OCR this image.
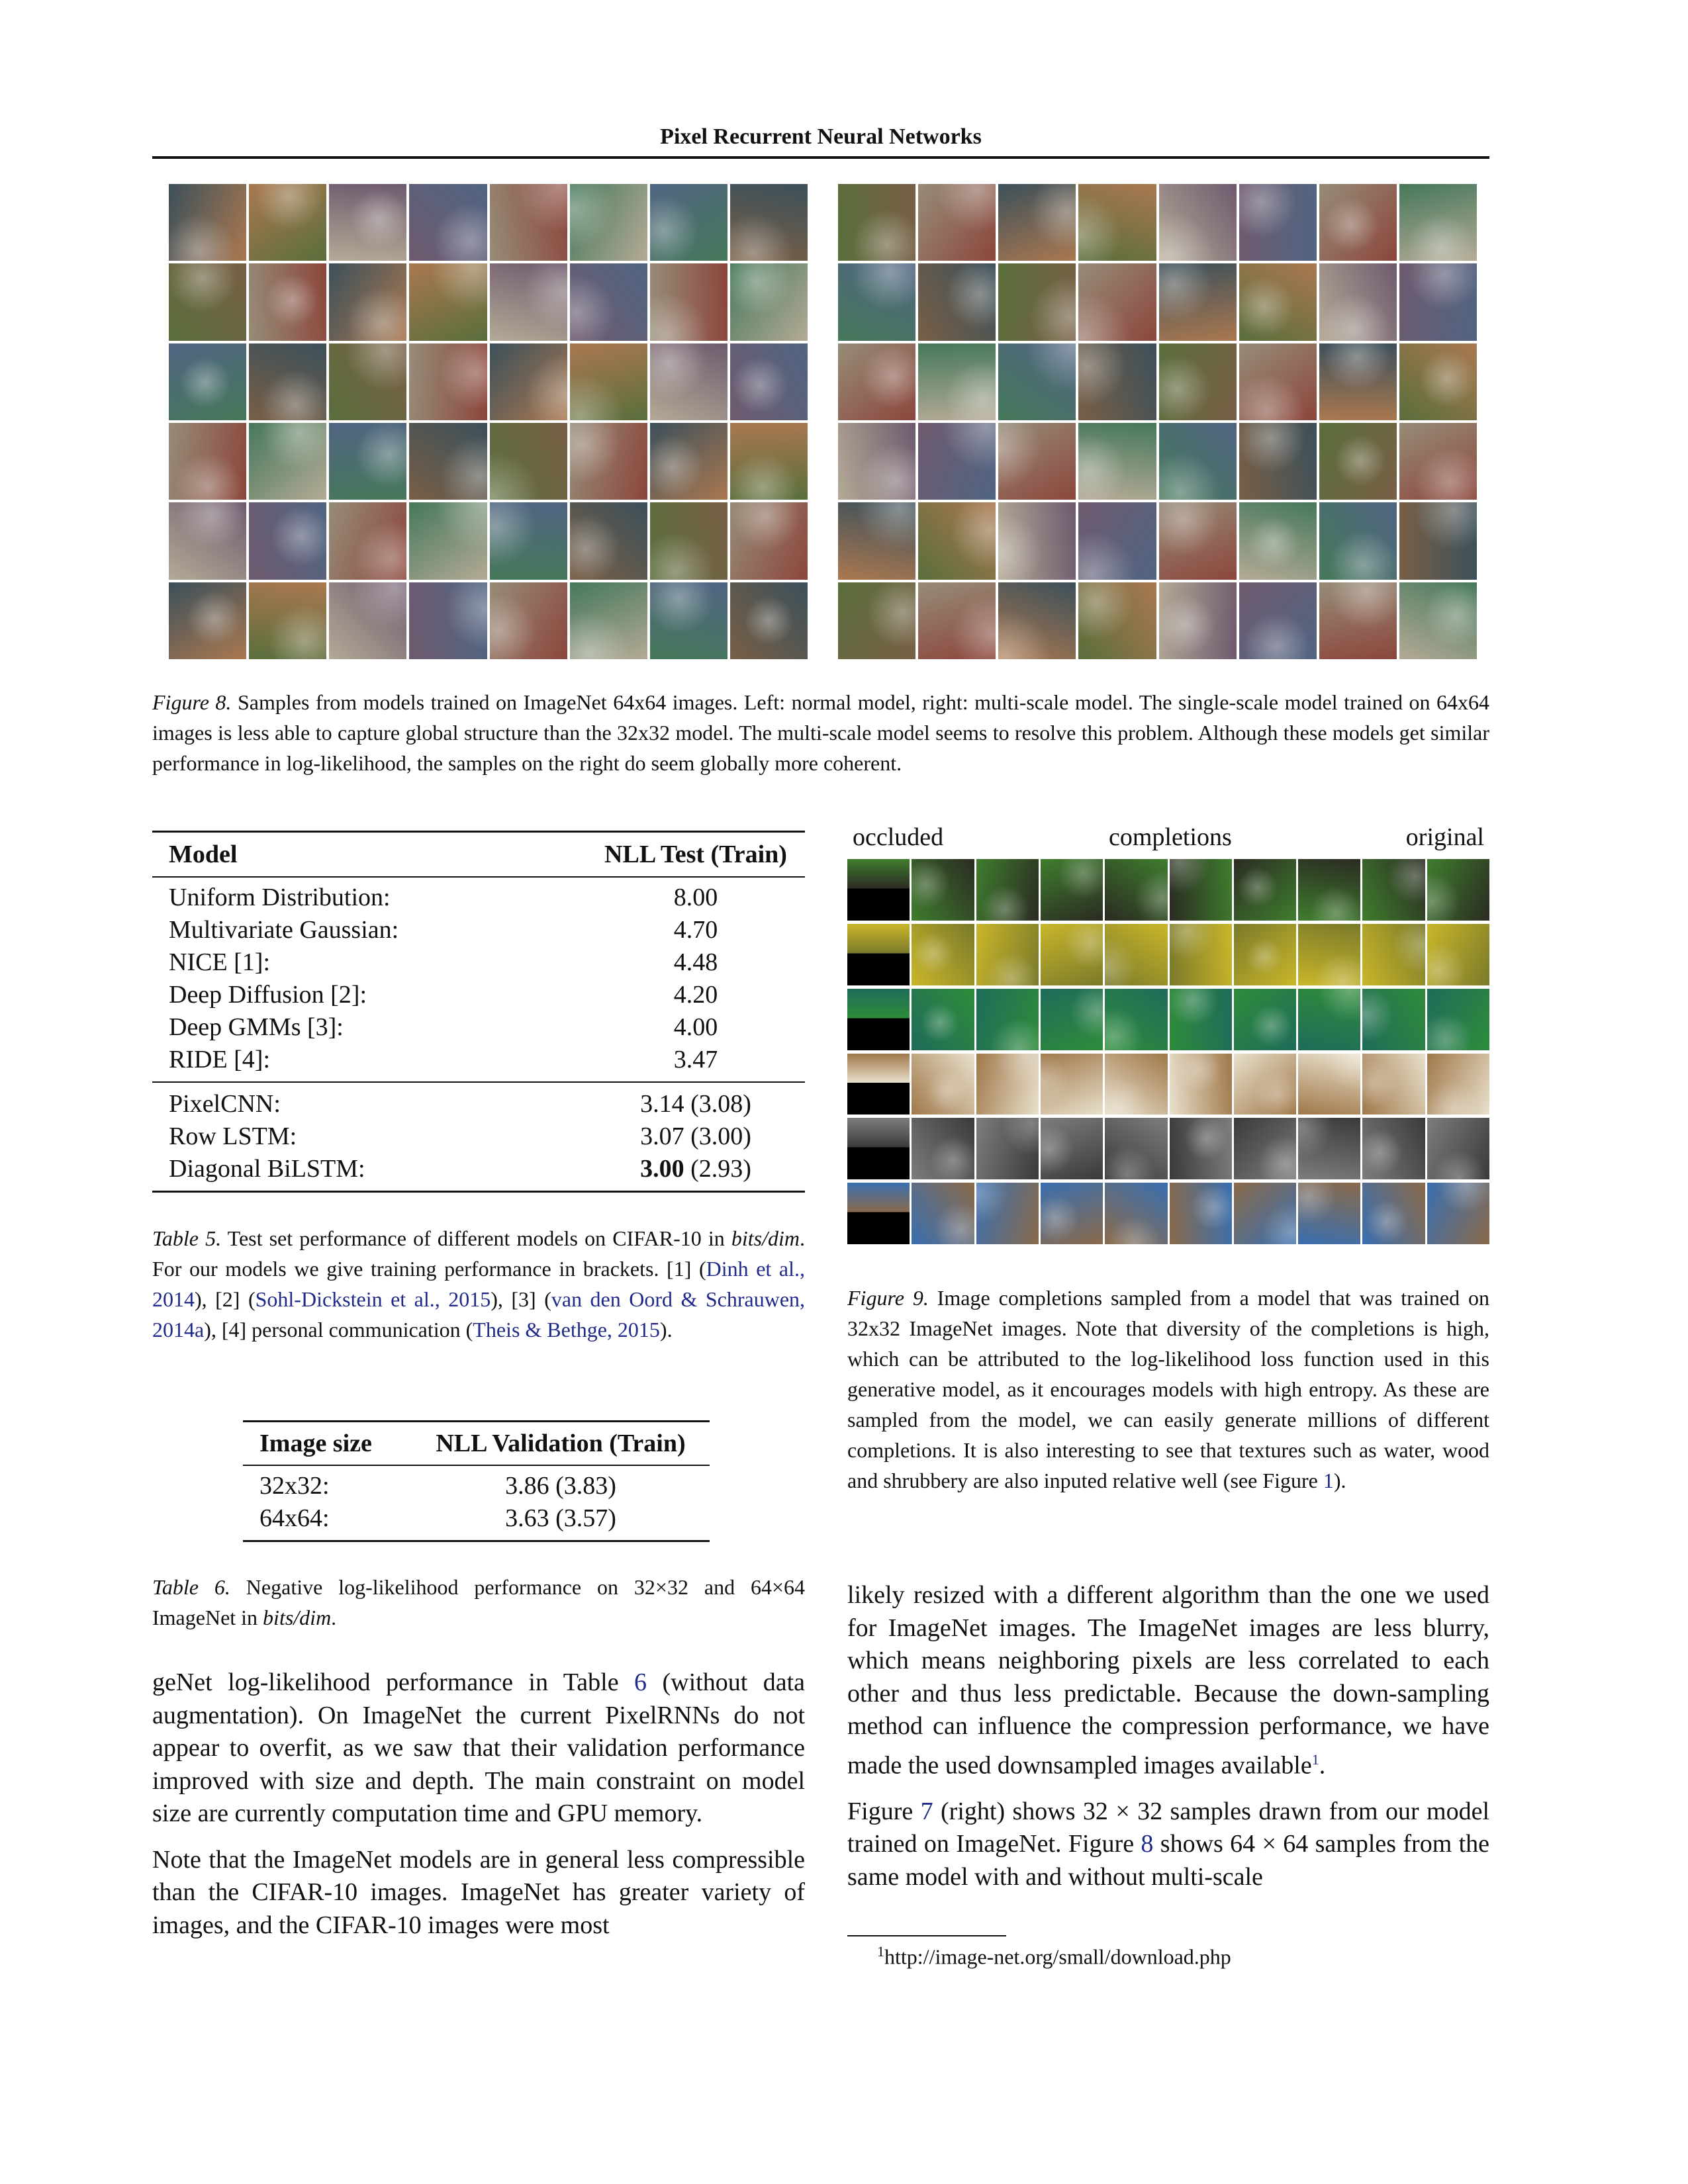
Pixel Recurrent Neural Networks
Figure 8. Samples from models trained on ImageNet 64x64 images. Left: normal model, right: multi-scale model. The single-scale model trained on 64x64 images is less able to capture global structure than the 32x32 model. The multi-scale model seems to resolve this problem. Although these models get similar performance in log-likelihood, the samples on the right do seem globally more coherent.
Model	NLL Test (Train)
Uniform Distribution:	8.00
Multivariate Gaussian:	4.70
NICE [1]:	4.48
Deep Diffusion [2]:	4.20
Deep GMMs [3]:	4.00
RIDE [4]:	3.47
PixelCNN:	3.14 (3.08)
Row LSTM:	3.07 (3.00)
Diagonal BiLSTM:	3.00 (2.93)
Table 5. Test set performance of different models on CIFAR-10 in bits/dim. For our models we give training performance in brackets. [1] (Dinh et al., 2014), [2] (Sohl-Dickstein et al., 2015), [3] (van den Oord & Schrauwen, 2014a), [4] personal communication (Theis & Bethge, 2015).
Image size	NLL Validation (Train)
32x32:	3.86 (3.83)
64x64:	3.63 (3.57)
Table 6. Negative log-likelihood performance on 32×32 and 64×64 ImageNet in bits/dim.

geNet log-likelihood performance in Table 6 (without data augmentation). On ImageNet the current PixelRNNs do not appear to overfit, as we saw that their validation performance improved with size and depth. The main constraint on model size are currently computation time and GPU memory.

Note that the ImageNet models are in general less compressible than the CIFAR-10 images. ImageNet has greater variety of images, and the CIFAR-10 images were most

occluded	completions	original
Figure 9. Image completions sampled from a model that was trained on 32x32 ImageNet images. Note that diversity of the completions is high, which can be attributed to the log-likelihood loss function used in this generative model, as it encourages models with high entropy. As these are sampled from the model, we can easily generate millions of different completions. It is also interesting to see that textures such as water, wood and shrubbery are also inputed relative well (see Figure 1).

likely resized with a different algorithm than the one we used for ImageNet images. The ImageNet images are less blurry, which means neighboring pixels are less correlated to each other and thus less predictable. Because the down-sampling method can influence the compression performance, we have made the used downsampled images available$^1$.

Figure 7 (right) shows 32 × 32 samples drawn from our model trained on ImageNet. Figure 8 shows 64 × 64 samples from the same model with and without multi-scale

$^1$http://image-net.org/small/download.php
